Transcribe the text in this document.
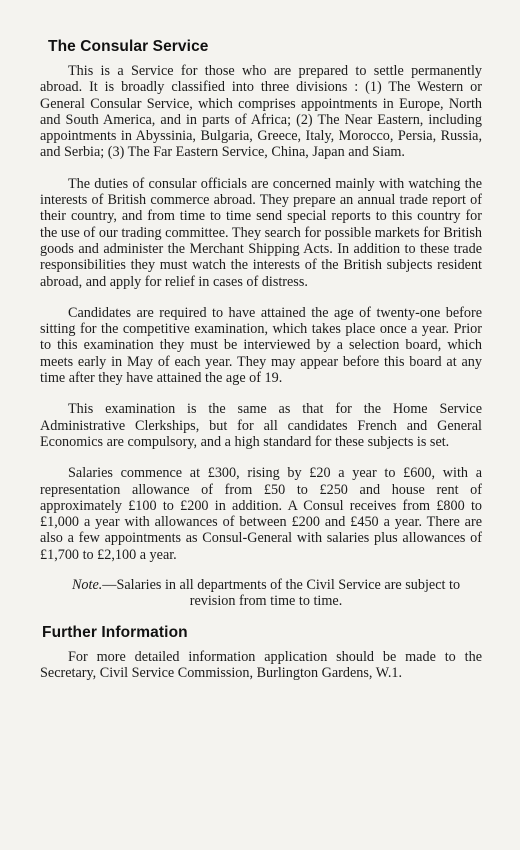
The Consular Service

This is a Service for those who are prepared to settle permanently abroad. It is broadly classified into three divisions : (1) The Western or General Consular Service, which comprises appointments in Europe, North and South America, and in parts of Africa; (2) The Near Eastern, including appointments in Abyssinia, Bulgaria, Greece, Italy, Morocco, Persia, Russia, and Serbia; (3) The Far Eastern Service, China, Japan and Siam.

The duties of consular officials are concerned mainly with watching the interests of British commerce abroad. They prepare an annual trade report of their country, and from time to time send special reports to this country for the use of our trading committee. They search for possible markets for British goods and administer the Merchant Shipping Acts. In addition to these trade responsibilities they must watch the interests of the British subjects resident abroad, and apply for relief in cases of distress.

Candidates are required to have attained the age of twenty-one before sitting for the competitive examination, which takes place once a year. Prior to this examination they must be interviewed by a selection board, which meets early in May of each year. They may appear before this board at any time after they have attained the age of 19.

This examination is the same as that for the Home Service Administrative Clerkships, but for all candidates French and General Economics are compulsory, and a high standard for these subjects is set.

Salaries commence at £300, rising by £20 a year to £600, with a representation allowance of from £50 to £250 and house rent of approximately £100 to £200 in addition. A Consul receives from £800 to £1,000 a year with allowances of between £200 and £450 a year. There are also a few appointments as Consul-General with salaries plus allowances of £1,700 to £2,100 a year.

Note.—Salaries in all departments of the Civil Service are subject to revision from time to time.

Further Information

For more detailed information application should be made to the Secretary, Civil Service Commission, Burlington Gardens, W.1.
